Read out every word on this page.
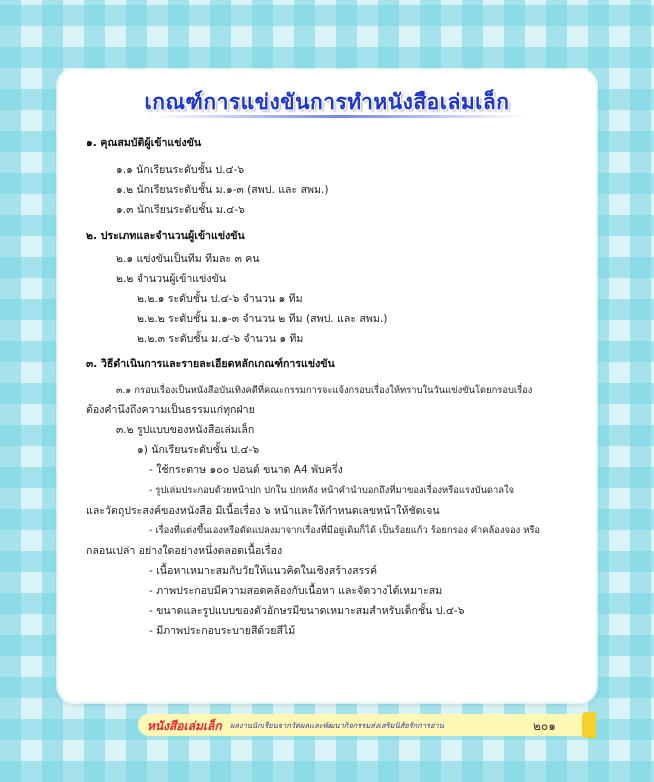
เกณฑ์การแข่งขันการทำหนังสือเล่มเล็ก
๑. คุณสมบัติผู้เข้าแข่งขัน
๑.๑ นักเรียนระดับชั้น ป.๔-๖
๑.๒ นักเรียนระดับชั้น ม.๑-๓ (สพป. และ สพม.)
๑.๓ นักเรียนระดับชั้น ม.๔-๖
๒. ประเภทและจำนวนผู้เข้าแข่งขัน
๒.๑ แข่งขันเป็นทีม ทีมละ ๓ คน
๒.๒ จำนวนผู้เข้าแข่งขัน
๒.๒.๑ ระดับชั้น ป.๔-๖ จำนวน ๑ ทีม
๒.๒.๒ ระดับชั้น ม.๑-๓ จำนวน ๒ ทีม (สพป. และ สพม.)
๒.๒.๓ ระดับชั้น ม.๔-๖ จำนวน ๑ ทีม
๓. วิธีดำเนินการและรายละเอียดหลักเกณฑ์การแข่งขัน
๓.๑ กรอบเรื่องเป็นหนังสือบันเทิงคดีที่คณะกรรมการจะแจ้งกรอบเรื่องให้ทราบในวันแข่งขันโดยกรอบเรื่อง
ต้องคำนึงถึงความเป็นธรรมแก่ทุกฝ่าย
๓.๒ รูปแบบของหนังสือเล่มเล็ก
๑) นักเรียนระดับชั้น ป.๔-๖
- ใช้กระดาษ ๑๐๐ ปอนด์ ขนาด A4 พับครึ่ง
- รูปเล่มประกอบด้วยหน้าปก ปกใน ปกหลัง หน้าคำนำบอกถึงที่มาของเรื่องหรือแรงบันดาลใจ
และวัตถุประสงค์ของหนังสือ มีเนื้อเรื่อง ๖ หน้าและให้กำหนดเลขหน้าให้ชัดเจน
- เรื่องที่แต่งขึ้นเองหรือดัดแปลงมาจากเรื่องที่มีอยู่เดิมก็ได้ เป็นร้อยแก้ว ร้อยกรอง คำคล้องจอง หรือ
กลอนเปล่า อย่างใดอย่างหนึ่งตลอดเนื้อเรื่อง
- เนื้อหาเหมาะสมกับวัยให้แนวคิดในเชิงสร้างสรรค์
- ภาพประกอบมีความสอดคล้องกับเนื้อหา และจัดวางได้เหมาะสม
- ขนาดและรูปแบบของตัวอักษรมีขนาดเหมาะสมสำหรับเด็กชั้น ป.๔-๖
- มีภาพประกอบระบายสีด้วยสีไม้
หนังสือเล่มเล็ก ผลงานนักเรียนจากวัดผลเเละพัฒนากิจกรรมส่งเสริมนิสัยรักการอ่าน	๒๐๑
